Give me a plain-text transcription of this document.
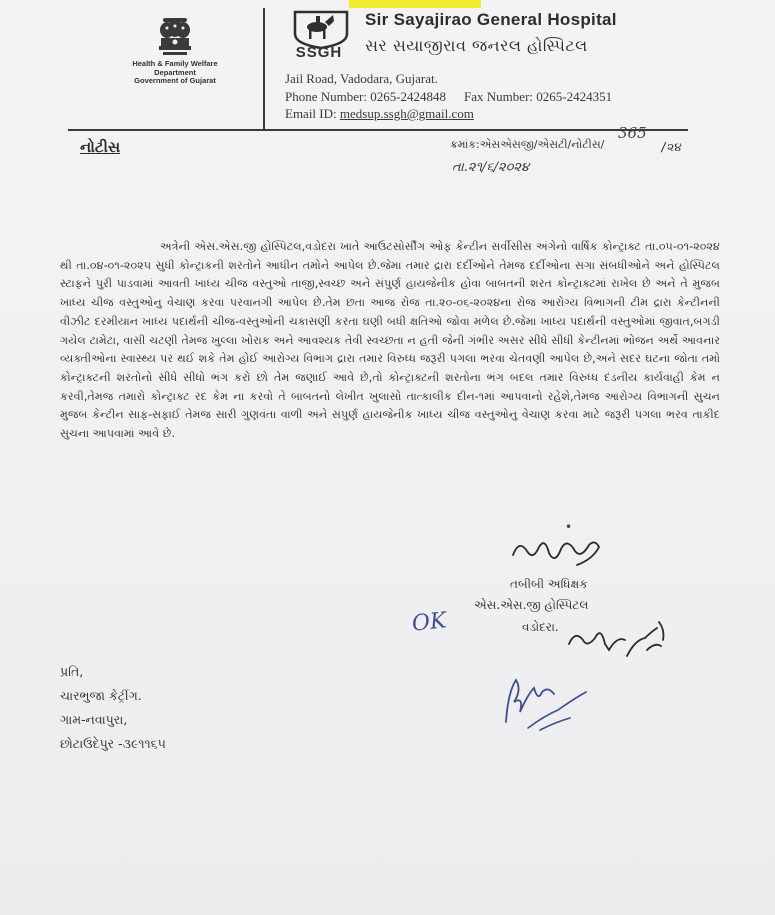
Health & Family Welfare
Department
Government of Gujarat
SSGH
Sir Sayajirao General Hospital
સર સયાજીરાવ જનરલ હોસ્પિટલ
Jail Road, Vadodara, Gujarat.
Phone Number: 0265-2424848 Fax Number: 0265-2424351
Email ID: medsup.ssgh@gmail.com
નોટીસ	ક્રમાંક:એસએસજી/એસટી/નોટીસ/
365
/૨૪
તા.૨૧/૬/૨૦૨૪
અત્રેની એસ.એસ.જી હોસ્પિટલ,વડોદરા ખાતે આઉટસોર્સીંગ ઓફ કેન્ટીન સર્વીસીસ અંગેનો વાર્ષિક કોન્ટ્રાક્ટ તા.૦૫-૦૧-૨૦૨૪ થી તા.૦૪-૦૧-૨૦૨૫ સુધી કોન્ટ્રાકની શરતોને આધીન તમોને આપેલ છે.જેમા તમાર દ્રારા દર્દીઓને તેમજ દર્દીઓના સગા સંબધીઓને અને હોસ્પિટલ સ્ટાફને પુરી પાડવામાં આવતી ખાધ્ય ચીજ વસ્તુઓ તાજી,સ્વચ્છ અને સંપુર્ણ હાયજેનીક હોવા બાબતની શરત કોન્ટ્રાક્ટમાં રાખેલ છે અને તે મુજબ ખાધ્ય ચીજ વસ્તુઓનુ વેચાણ કરવા પરવાનગી આપેલ છે.તેમ છતા આજ રોજ તા.૨૦-૦૬-૨૦૨૪ના રોજ આરોગ્ય વિભાગની ટીમ દ્રારા કેન્ટીનની વીઝીટ દરમીયાન ખાધ્ય પદાર્થની ચીજ-વસ્તુઓની ચકાસણી કરતા ઘણી બધી ક્ષતિઓ જોવા મળેલ છે.જેમા ખાધ્ય પદાર્થની વસ્તુઓમાં જીવાત,બગડી ગયેલ ટામેટા, વાસી ચટણી તેમજ ખુલ્લા ખોરાક અને આવશ્યક તેવી સ્વચ્છતા ન હતી જેની ગંભીર અસર સીધે સીધી કેન્ટીનમાં ભોજન અર્થે આવનાર વ્યક્તીઓના સ્વાસ્થ્ય પર થઈ શકે તેમ હોઈ આરોગ્ય વિભાગ દ્રારા તમાર વિરુધ્ધ જરૂરી પગલા ભરવા ચેતવણી આપેલ છે,અને સદર ઘટના જોતા તમો કોન્ટ્રાક્ટની શરતોનો સીધે સીધો ભંગ કરો છો તેમ જણાઈ આવે છે,તો કોન્ટ્રાક્ટની શરતોના ભંગ બદલ તમાર વિરુધ્ધ દંડનીય કાર્યવાહી કેમ ન કરવી,તેમજ તમારો કોન્ટ્રાક્ટ રદ કેમ ના કરવો તે બાબતનો લેખીત ખુલાસો તાત્કાલીક દીન-૧માં આપવાનો રહેશે,તેમજ આરોગ્ય વિભાગની સુચન મુજબ કેન્ટીન સાફ-સફાઈ તેમજ સારી ગુણવંતા વાળી અને સંપુર્ણ હાયજેનીક ખાધ્ય ચીજ વસ્તુઓનુ વેચાણ કરવા માટે જરૂરી પગલા ભરવ તાકીદ સુચના આપવામાં આવે છે.
•
તબીબી અધિક્ષક
એસ.એસ.જી હોસ્પિટલ
વડોદરા.
OK
પ્રતિ,
ચારભુજા કેટ્રીંગ.
ગામ-નવાપુરા,
છોટાઉદેપુર -૩૯૧૧૬૫
